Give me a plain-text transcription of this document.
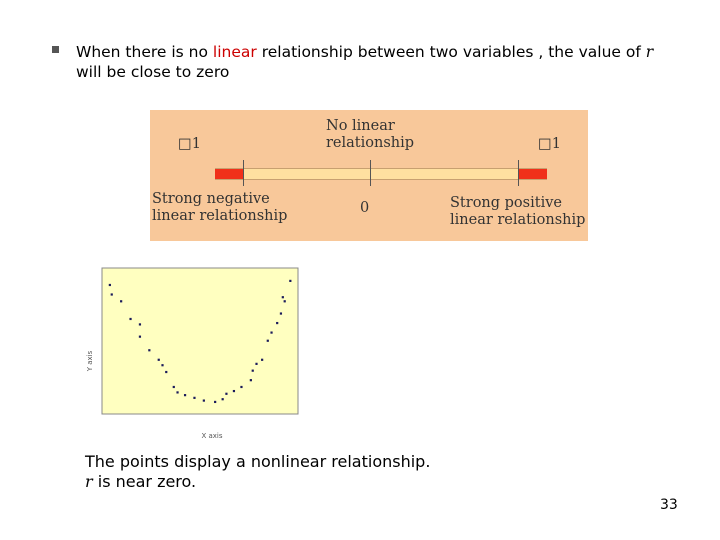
When there is no linear relationship between two variables , the value of r
will be close to zero
□1	□1
No linear
relationship
0
Strong negative
linear relationship
Strong positive
linear relationship
X axis
Y axis
The points display a nonlinear relationship.
r is near zero.
33
